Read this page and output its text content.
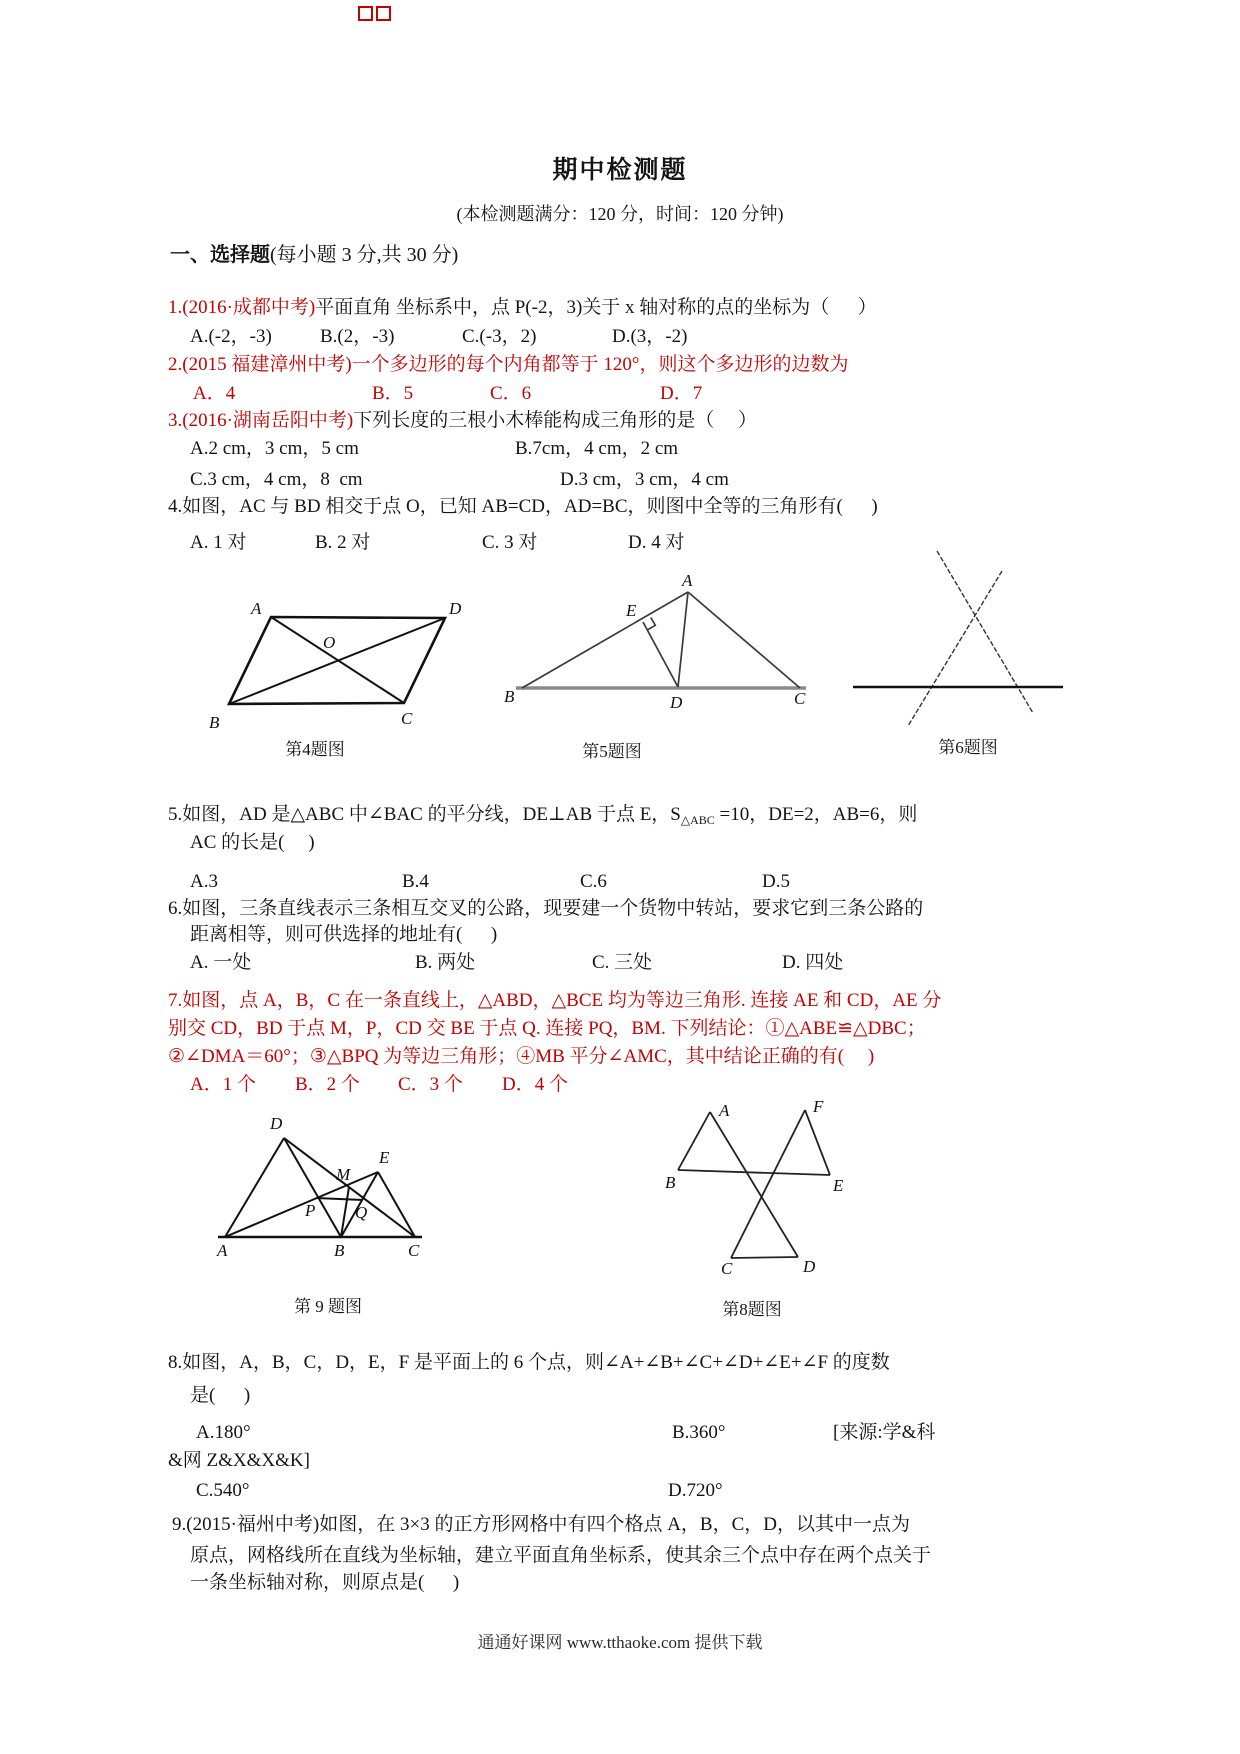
期中检测题
(本检测题满分：120 分，时间：120 分钟)
一、选择题(每小题 3 分,共 30 分)
1.(2016·成都中考)平面直角 坐标系中，点 P(-2，3)关于 x 轴对称的点的坐标为（      ）
A.(-2，-3)	B.(2，-3)	C.(-3，2)	D.(3，-2)
2.(2015 福建漳州中考)一个多边形的每个内角都等于 120°，则这个多边形的边数为
A．4	B．5	C．6	D．7
3.(2016·湖南岳阳中考)下列长度的三根小木棒能构成三角形的是（     ）
A.2 cm，3 cm，5 cm	B.7cm，4 cm，2 cm
C.3 cm，4 cm，8  cm	D.3 cm，3 cm，4 cm
4.如图，AC 与 BD 相交于点 O，已知 AB=CD，AD=BC，则图中全等的三角形有(      )
A. 1 对	B. 2 对	C. 3 对	D. 4 对
A	D
O
B	C
第4题图
A
E
B	D	C
第5题图	第6题图
5.如图，AD 是△ABC 中∠BAC 的平分线，DE⊥AB 于点 E，$S_{\triangle ABC} =10$，DE=2，AB=6，则
AC 的长是(     )
A.3	B.4	C.6	D.5
6.如图，三条直线表示三条相互交叉的公路，现要建一个货物中转站，要求它到三条公路的
距离相等，则可供选择的地址有(      )
A. 一处	B. 两处	C. 三处	D. 四处
7.如图，点 A，B，C 在一条直线上，△ABD，△BCE 均为等边三角形. 连接 AE 和 CD，AE 分
别交 CD，BD 于点 M，P，CD 交 BE 于点 Q. 连接 PQ，BM. 下列结论：①△ABE≌△DBC；
②∠DMA＝60°；③△BPQ 为等边三角形；④MB 平分∠AMC，其中结论正确的有(     )
A．1 个 B．2 个 C．3 个 D．4 个
D
E
M
P Q
A	B	C
第 9 题图
A	F
B	E
C	D
第8题图
8.如图，A，B，C，D，E，F 是平面上的 6 个点，则∠A+∠B+∠C+∠D+∠E+∠F 的度数
是(      )
A.180°	B.360°	[来源:学&科
&网 Z&X&X&K]
C.540°	D.720°
9.(2015·福州中考)如图，在 3×3 的正方形网格中有四个格点 A，B，C，D，以其中一点为
原点，网格线所在直线为坐标轴，建立平面直角坐标系，使其余三个点中存在两个点关于
一条坐标轴对称，则原点是(      )
通通好课网 www.tthaoke.com 提供下载
